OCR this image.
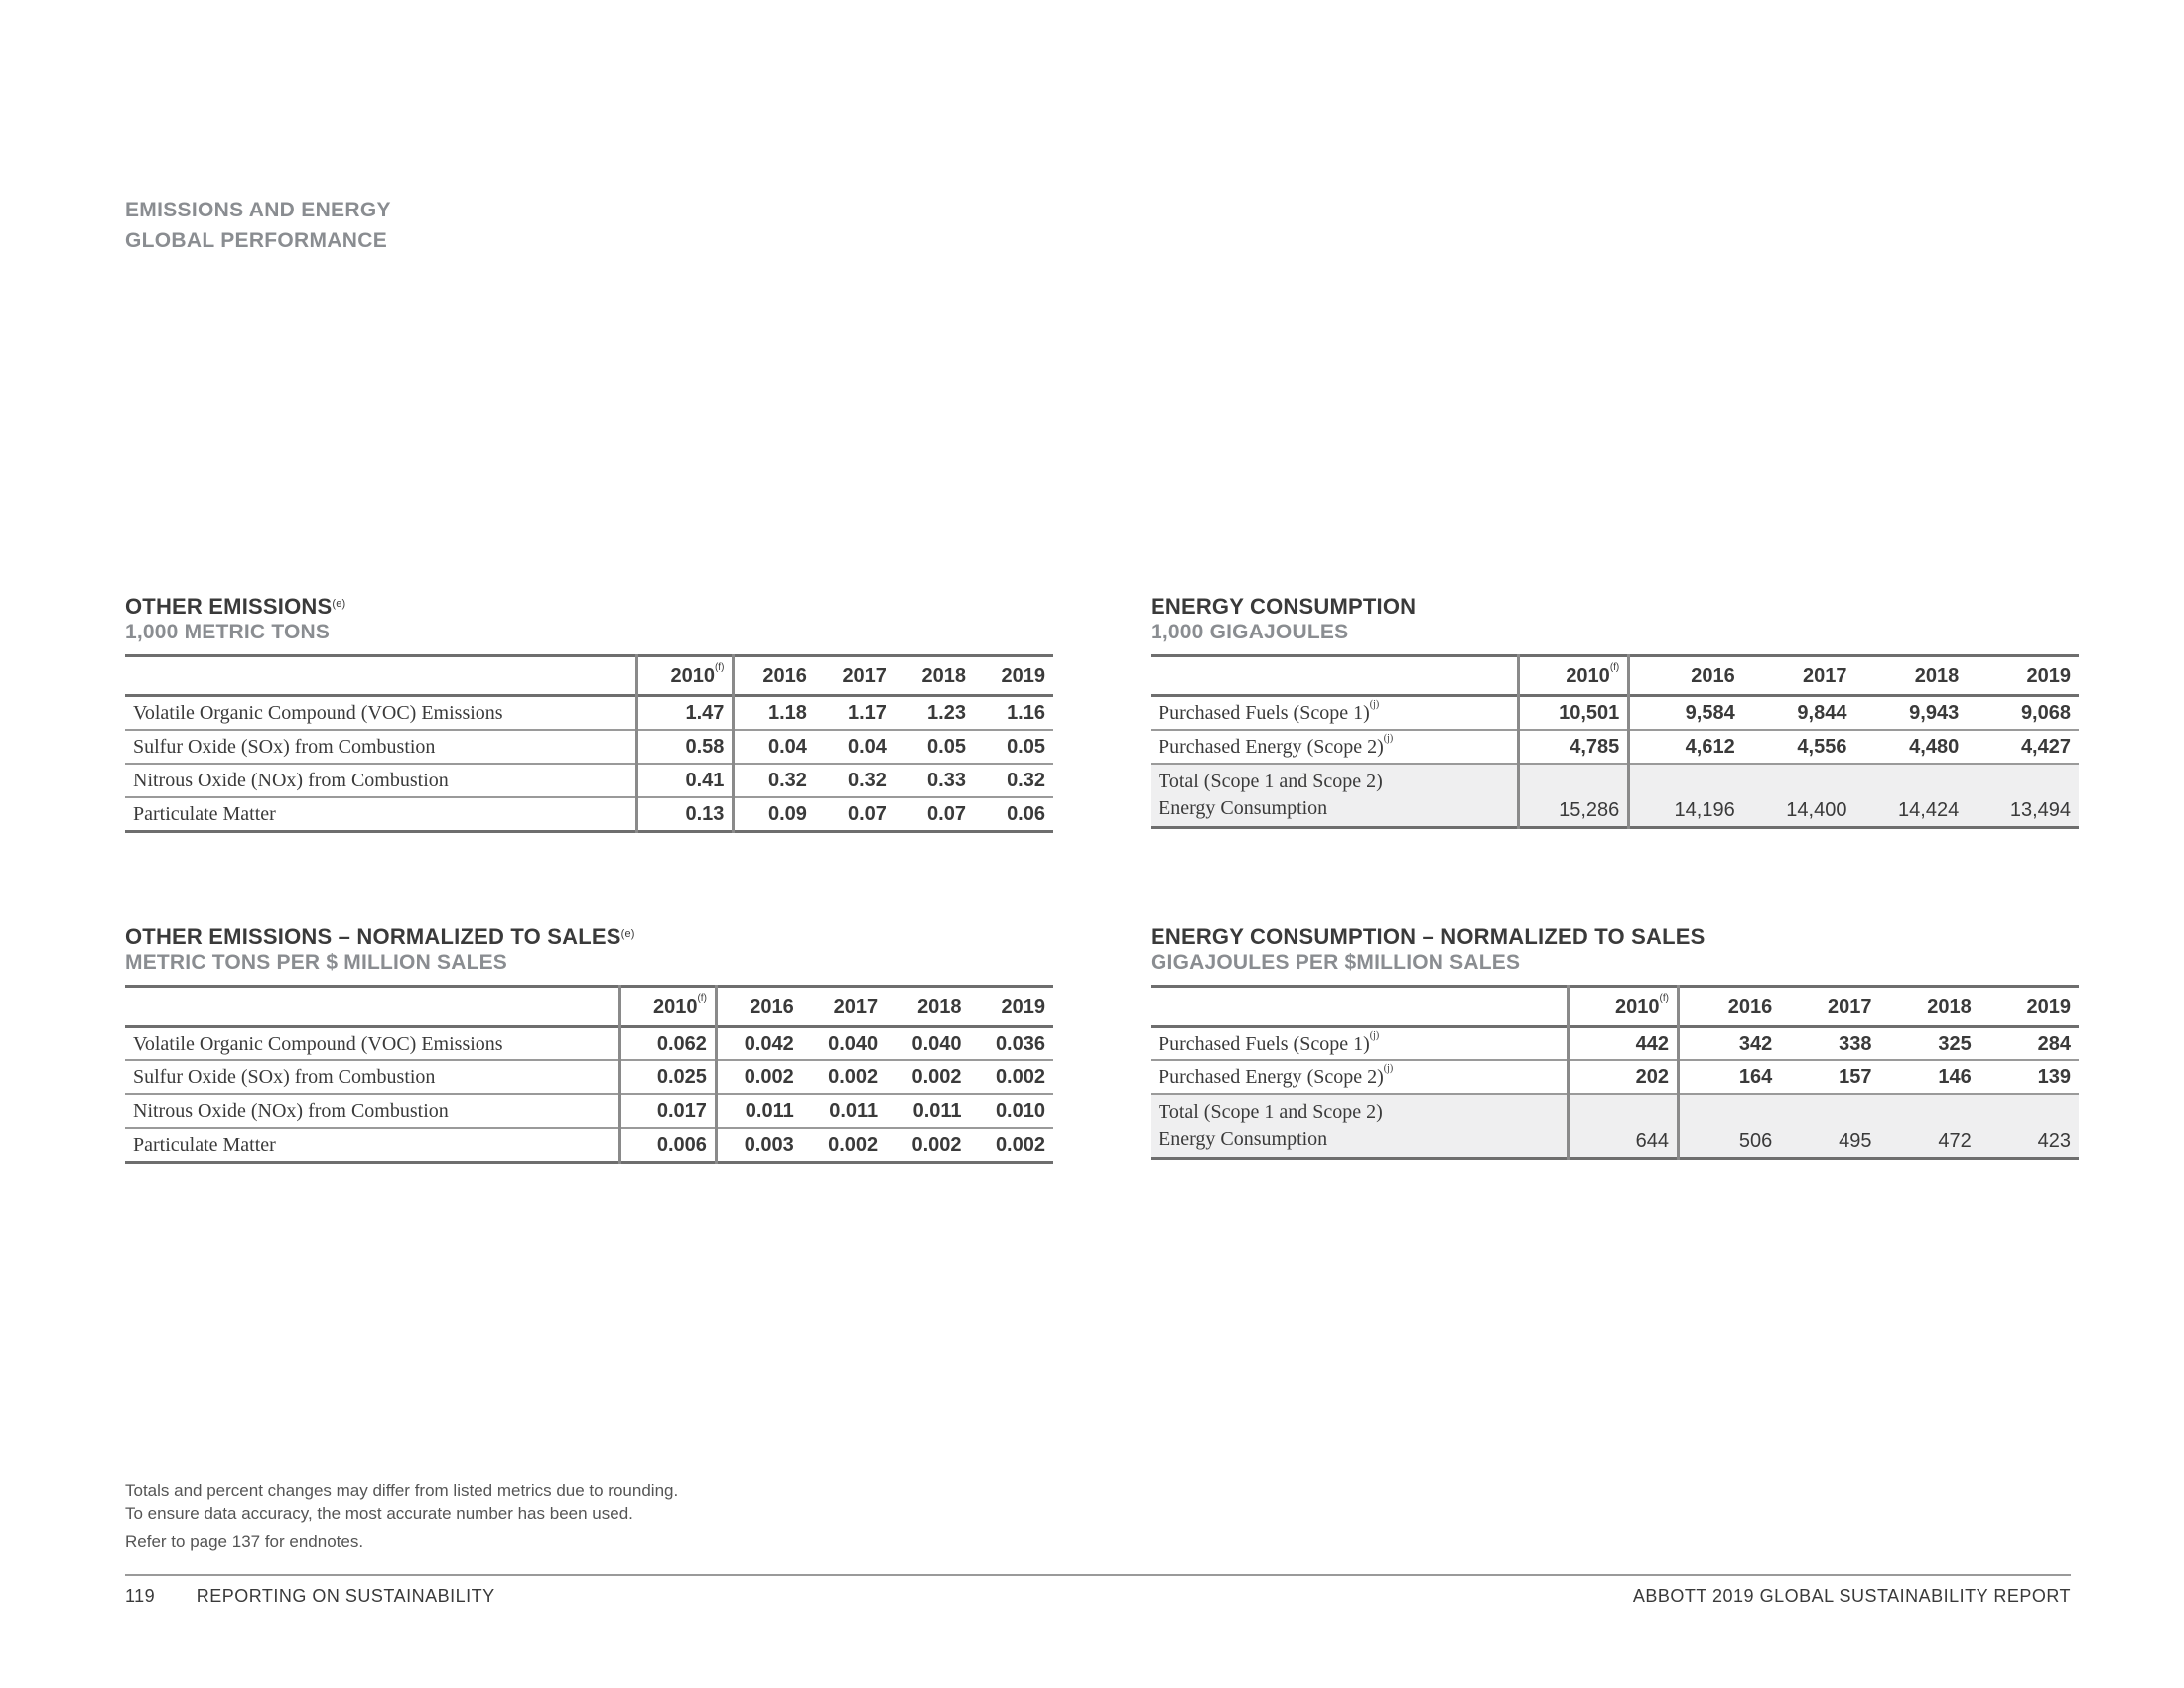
EMISSIONS AND ENERGY
GLOBAL PERFORMANCE
OTHER EMISSIONS$^{(e)}$
1,000 METRIC TONS
	2010$^{(f)}$	2016	2017	2018	2019
Volatile Organic Compound (VOC) Emissions	1.47	1.18	1.17	1.23	1.16
Sulfur Oxide (SOx) from Combustion	0.58	0.04	0.04	0.05	0.05
Nitrous Oxide (NOx) from Combustion	0.41	0.32	0.32	0.33	0.32
Particulate Matter	0.13	0.09	0.07	0.07	0.06
ENERGY CONSUMPTION
1,000 GIGAJOULES
	2010$^{(f)}$	2016	2017	2018	2019
Purchased Fuels (Scope 1)$^{(j)}$	10,501	9,584	9,844	9,943	9,068
Purchased Energy (Scope 2)$^{(j)}$	4,785	4,612	4,556	4,480	4,427

Total (Scope 1 and Scope 2)
Energy Consumption	15,286	14,196	14,400	14,424	13,494
OTHER EMISSIONS – NORMALIZED TO SALES$^{(e)}$
METRIC TONS PER $ MILLION SALES
	2010$^{(f)}$	2016	2017	2018	2019
Volatile Organic Compound (VOC) Emissions	0.062	0.042	0.040	0.040	0.036
Sulfur Oxide (SOx) from Combustion	0.025	0.002	0.002	0.002	0.002
Nitrous Oxide (NOx) from Combustion	0.017	0.011	0.011	0.011	0.010
Particulate Matter	0.006	0.003	0.002	0.002	0.002
ENERGY CONSUMPTION – NORMALIZED TO SALES
GIGAJOULES PER $MILLION SALES
	2010$^{(f)}$	2016	2017	2018	2019
Purchased Fuels (Scope 1)$^{(j)}$	442	342	338	325	284
Purchased Energy (Scope 2)$^{(j)}$	202	164	157	146	139

Total (Scope 1 and Scope 2)
Energy Consumption	644	506	495	472	423
Totals and percent changes may differ from listed metrics due to rounding.
To ensure data accuracy, the most accurate number has been used.
Refer to page 137 for endnotes.
119 REPORTING ON SUSTAINABILITY	ABBOTT 2019 GLOBAL SUSTAINABILITY REPORT
